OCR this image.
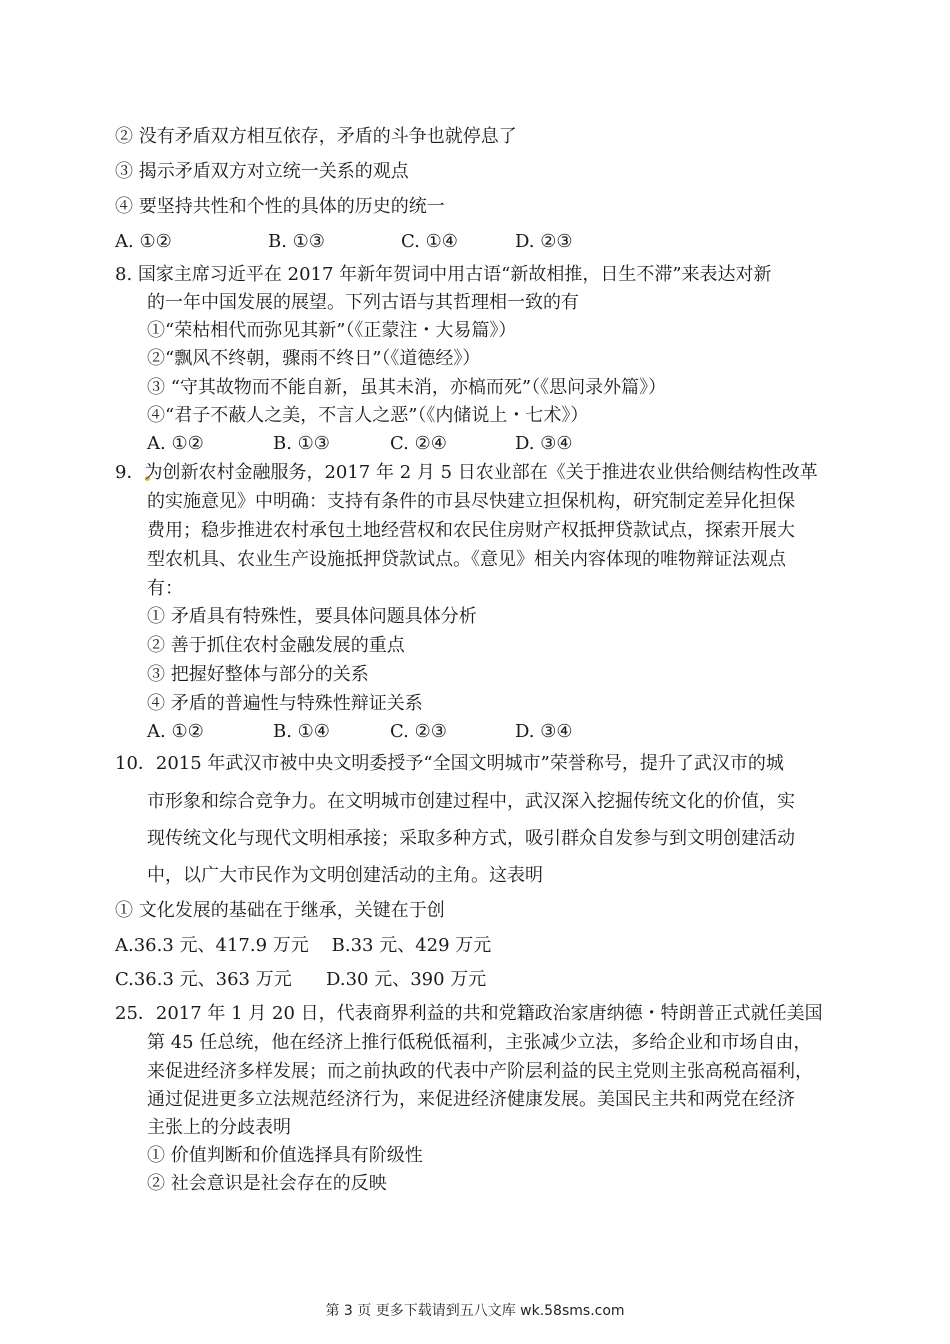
② 没有矛盾双方相互依存，矛盾的斗争也就停息了
③ 揭示矛盾双方对立统一关系的观点
④ 要坚持共性和个性的具体的历史的统一
A. ①②	B. ①③	C. ①④	D. ②③
8. 国家主席习近平在 2017 年新年贺词中用古语“新故相推，日生不滞”来表达对新
的一年中国发展的展望。下列古语与其哲理相一致的有
①“荣枯相代而弥见其新”（《正蒙注・大易篇》）
②“飘风不终朝，骤雨不终日”（《道德经》）
③ “守其故物而不能自新，虽其未消，亦槁而死”（《思问录外篇》）
④“君子不蔽人之美，不言人之恶”（《内储说上・七术》）
A. ①②	B. ①③	C. ②④	D. ③④
9．为创新农村金融服务，2017 年 2 月 5 日农业部在《关于推进农业供给侧结构性改革
的实施意见》中明确：支持有条件的市县尽快建立担保机构，研究制定差异化担保
费用；稳步推进农村承包土地经营权和农民住房财产权抵押贷款试点，探索开展大
型农机具、农业生产设施抵押贷款试点。《意见》相关内容体现的唯物辩证法观点
有：
① 矛盾具有特殊性，要具体问题具体分析
② 善于抓住农村金融发展的重点
③ 把握好整体与部分的关系
④ 矛盾的普遍性与特殊性辩证关系
A. ①②	B. ①④	C. ②③	D. ③④
10．2015 年武汉市被中央文明委授予“全国文明城市”荣誉称号，提升了武汉市的城
市形象和综合竞争力。在文明城市创建过程中，武汉深入挖掘传统文化的价值，实
现传统文化与现代文明相承接；采取多种方式，吸引群众自发参与到文明创建活动
中，以广大市民作为文明创建活动的主角。这表明
① 文化发展的基础在于继承，关键在于创
A.36.3 元、417.9 万元    B.33 元、429 万元
C.36.3 元、363 万元      D.30 元、390 万元
25．2017 年 1 月 20 日，代表商界利益的共和党籍政治家唐纳德・特朗普正式就任美国
第 45 任总统，他在经济上推行低税低福利，主张减少立法，多给企业和市场自由，
来促进经济多样发展；而之前执政的代表中产阶层利益的民主党则主张高税高福利，
通过促进更多立法规范经济行为，来促进经济健康发展。美国民主共和两党在经济
主张上的分歧表明
① 价值判断和价值选择具有阶级性
② 社会意识是社会存在的反映
第 3 页 更多下载请到五八文库 wk.58sms.com
